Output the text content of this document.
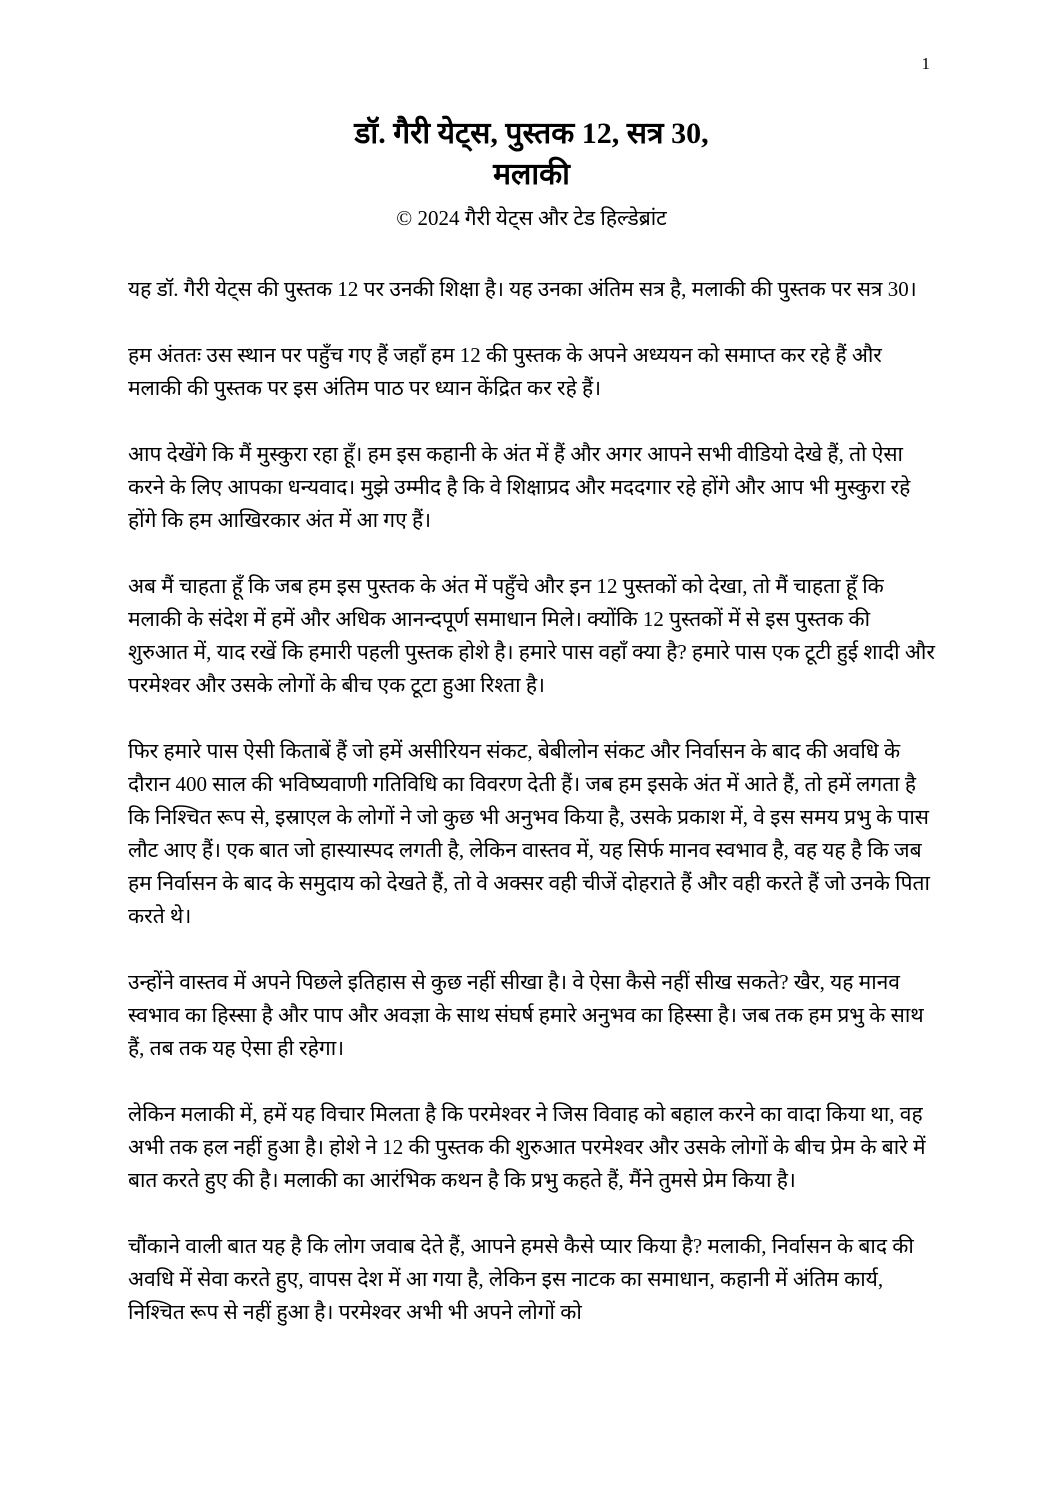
1
डॉ. गैरी येट्स, पुस्तक 12, सत्र 30,
मलाकी
© 2024 गैरी येट्स और टेड हिल्डेब्रांट

यह डॉ. गैरी येट्स की पुस्तक 12 पर उनकी शिक्षा है। यह उनका अंतिम सत्र है, मलाकी की पुस्तक पर सत्र 30।

हम अंततः उस स्थान पर पहुँच गए हैं जहाँ हम 12 की पुस्तक के अपने अध्ययन को समाप्त कर रहे हैं और मलाकी की पुस्तक पर इस अंतिम पाठ पर ध्यान केंद्रित कर रहे हैं।

आप देखेंगे कि मैं मुस्कुरा रहा हूँ। हम इस कहानी के अंत में हैं और अगर आपने सभी वीडियो देखे हैं, तो ऐसा करने के लिए आपका धन्यवाद। मुझे उम्मीद है कि वे शिक्षाप्रद और मददगार रहे होंगे और आप भी मुस्कुरा रहे होंगे कि हम आखिरकार अंत में आ गए हैं।

अब मैं चाहता हूँ कि जब हम इस पुस्तक के अंत में पहुँचे और इन 12 पुस्तकों को देखा, तो मैं चाहता हूँ कि मलाकी के संदेश में हमें और अधिक आनन्दपूर्ण समाधान मिले। क्योंकि 12 पुस्तकों में से इस पुस्तक की शुरुआत में, याद रखें कि हमारी पहली पुस्तक होशे है। हमारे पास वहाँ क्या है? हमारे पास एक टूटी हुई शादी और परमेश्वर और उसके लोगों के बीच एक टूटा हुआ रिश्ता है।

फिर हमारे पास ऐसी किताबें हैं जो हमें असीरियन संकट, बेबीलोन संकट और निर्वासन के बाद की अवधि के दौरान 400 साल की भविष्यवाणी गतिविधि का विवरण देती हैं। जब हम इसके अंत में आते हैं, तो हमें लगता है कि निश्चित रूप से, इस्राएल के लोगों ने जो कुछ भी अनुभव किया है, उसके प्रकाश में, वे इस समय प्रभु के पास लौट आए हैं। एक बात जो हास्यास्पद लगती है, लेकिन वास्तव में, यह सिर्फ मानव स्वभाव है, वह यह है कि जब हम निर्वासन के बाद के समुदाय को देखते हैं, तो वे अक्सर वही चीजें दोहराते हैं और वही करते हैं जो उनके पिता करते थे।

उन्होंने वास्तव में अपने पिछले इतिहास से कुछ नहीं सीखा है। वे ऐसा कैसे नहीं सीख सकते? खैर, यह मानव स्वभाव का हिस्सा है और पाप और अवज्ञा के साथ संघर्ष हमारे अनुभव का हिस्सा है। जब तक हम प्रभु के साथ हैं, तब तक यह ऐसा ही रहेगा।

लेकिन मलाकी में, हमें यह विचार मिलता है कि परमेश्वर ने जिस विवाह को बहाल करने का वादा किया था, वह अभी तक हल नहीं हुआ है। होशे ने 12 की पुस्तक की शुरुआत परमेश्वर और उसके लोगों के बीच प्रेम के बारे में बात करते हुए की है। मलाकी का आरंभिक कथन है कि प्रभु कहते हैं, मैंने तुमसे प्रेम किया है।

चौंकाने वाली बात यह है कि लोग जवाब देते हैं, आपने हमसे कैसे प्यार किया है? मलाकी, निर्वासन के बाद की अवधि में सेवा करते हुए, वापस देश में आ गया है, लेकिन इस नाटक का समाधान, कहानी में अंतिम कार्य, निश्चित रूप से नहीं हुआ है। परमेश्वर अभी भी अपने लोगों को
